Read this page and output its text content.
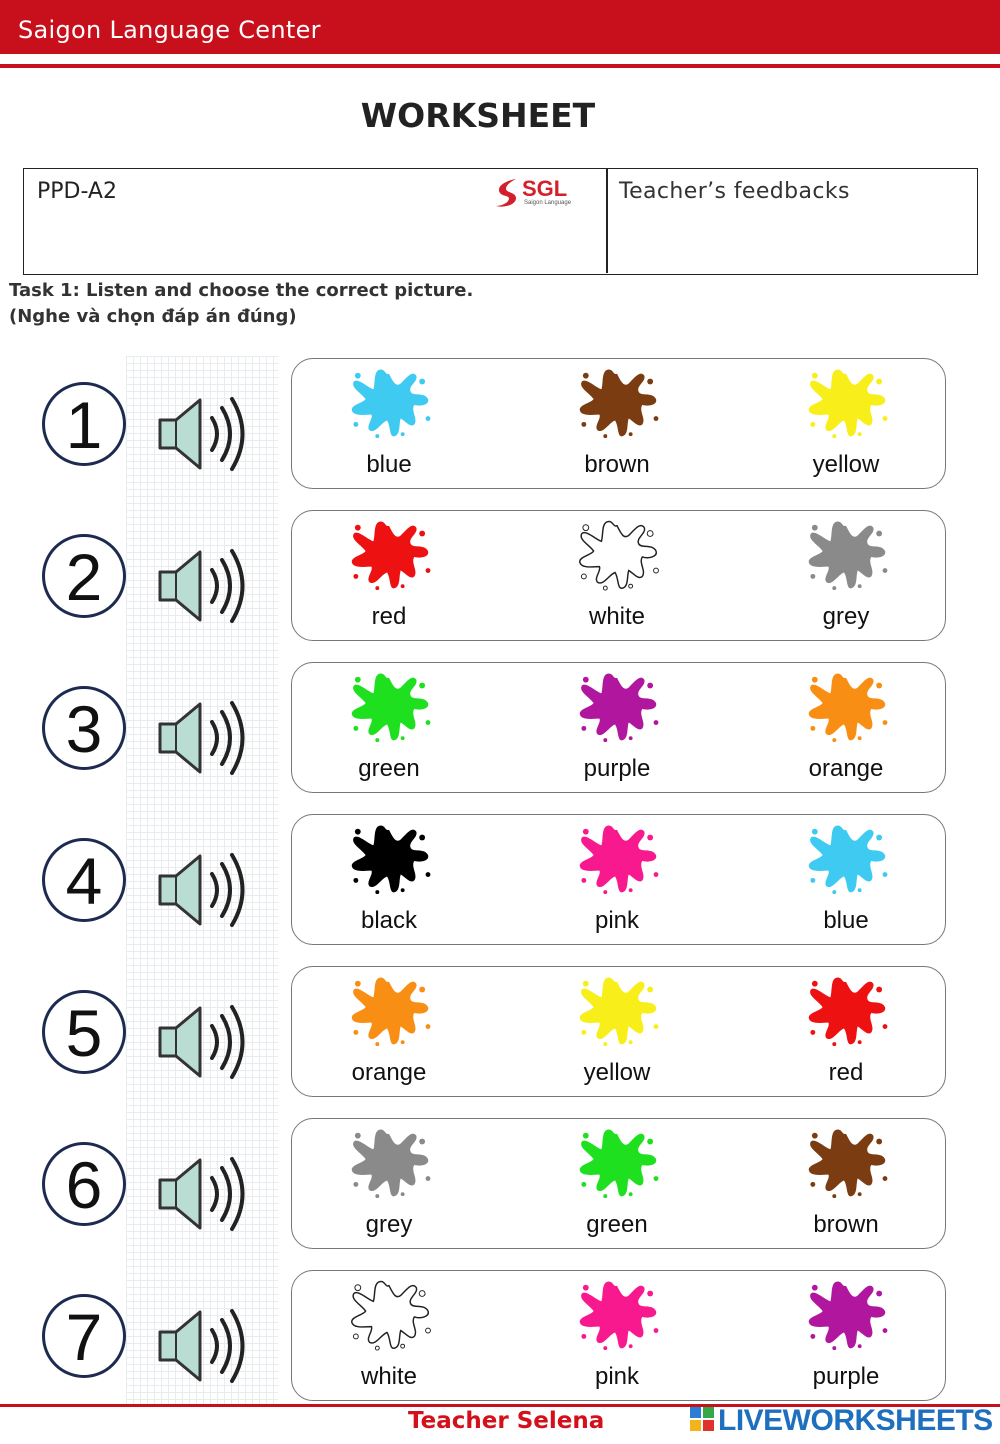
Saigon Language Center
WORKSHEET
PPD-A2	SGL
Saigon Language Teacher’s feedbacks
Task 1: Listen and choose the correct picture.
(Nghe và chọn đáp án đúng)
1
blue	brown	yellow
2
red	white	grey
3
green	purple	orange
4
black	pink	blue
5
orange	yellow	red
6
grey	green	brown
7
white	pink	purple
Teacher Selena	LIVEWORKSHEETS
